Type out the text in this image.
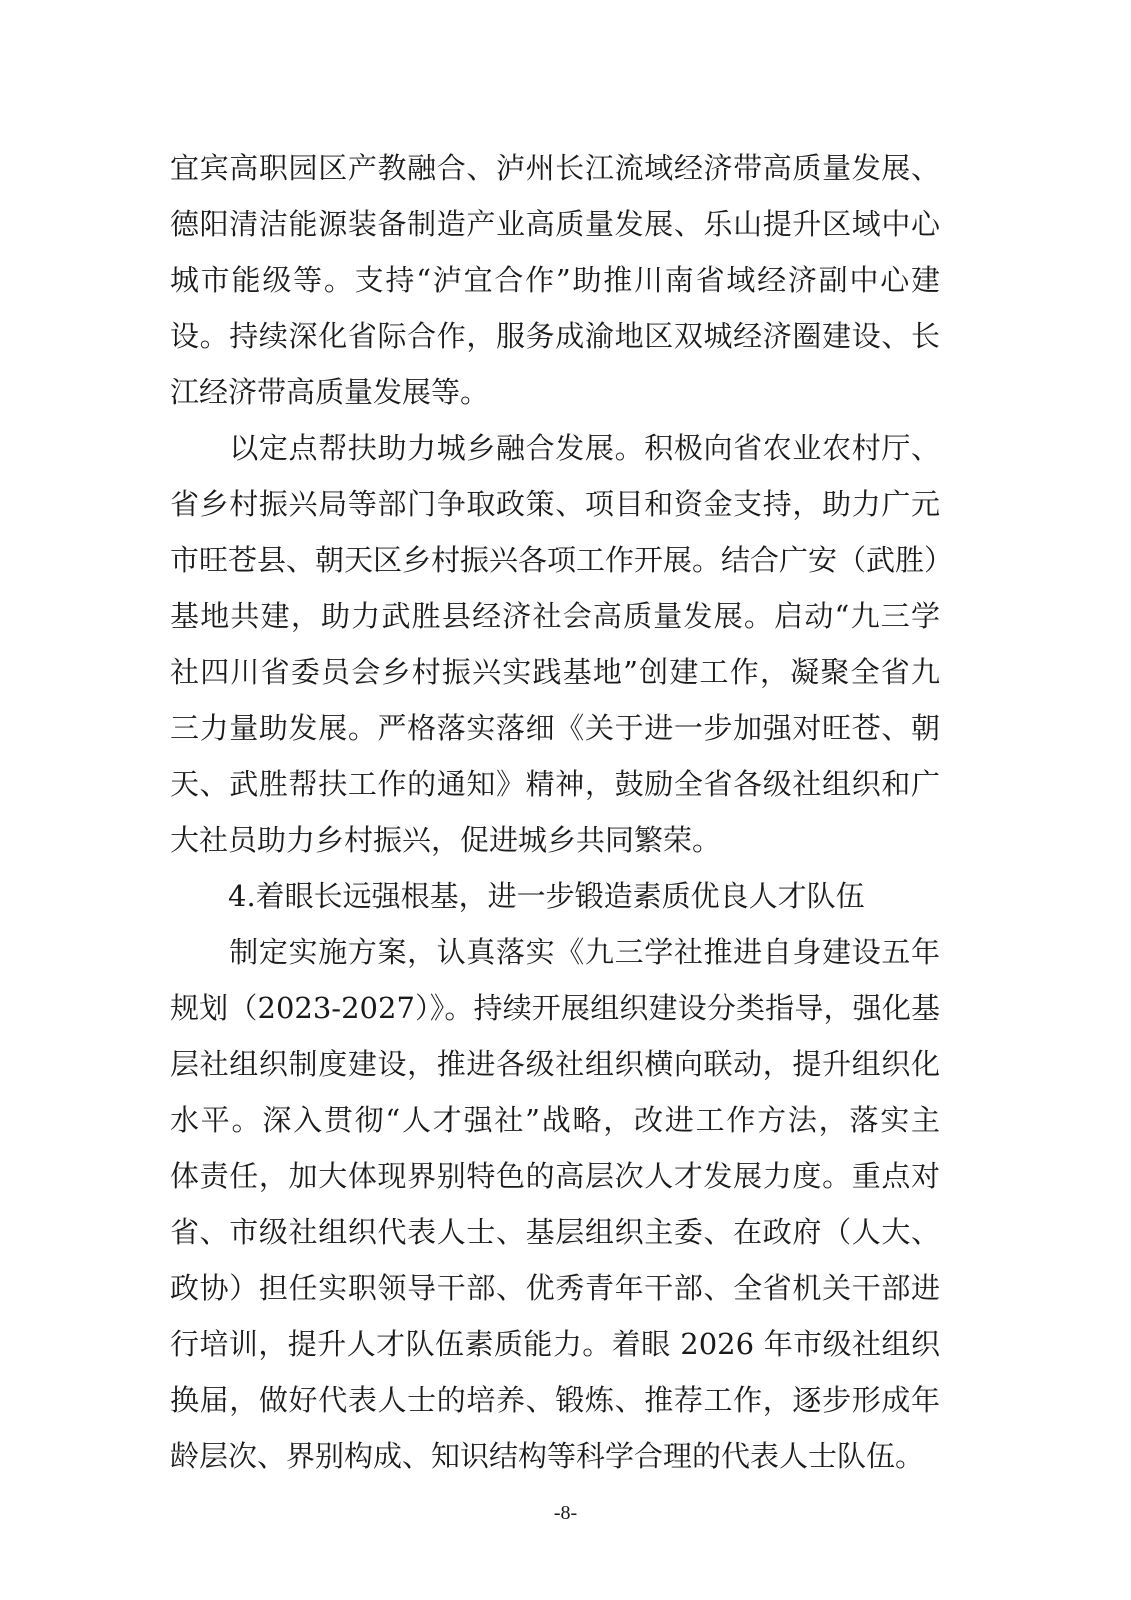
宜宾高职园区产教融合、泸州长江流域经济带高质量发展、
德阳清洁能源装备制造产业高质量发展、乐山提升区域中心
城市能级等。支持“泸宜合作”助推川南省域经济副中心建
设。持续深化省际合作，服务成渝地区双城经济圈建设、长
江经济带高质量发展等。
　　以定点帮扶助力城乡融合发展。积极向省农业农村厅、
省乡村振兴局等部门争取政策、项目和资金支持，助力广元
市旺苍县、朝天区乡村振兴各项工作开展。结合广安（武胜）
基地共建，助力武胜县经济社会高质量发展。启动“九三学
社四川省委员会乡村振兴实践基地”创建工作，凝聚全省九
三力量助发展。严格落实落细《关于进一步加强对旺苍、朝
天、武胜帮扶工作的通知》精神，鼓励全省各级社组织和广
大社员助力乡村振兴，促进城乡共同繁荣。
　　4.着眼长远强根基，进一步锻造素质优良人才队伍
　　制定实施方案，认真落实《九三学社推进自身建设五年
规划（2023-2027）》。持续开展组织建设分类指导，强化基
层社组织制度建设，推进各级社组织横向联动，提升组织化
水平。深入贯彻“人才强社”战略，改进工作方法，落实主
体责任，加大体现界别特色的高层次人才发展力度。重点对
省、市级社组织代表人士、基层组织主委、在政府（人大、
政协）担任实职领导干部、优秀青年干部、全省机关干部进
行培训，提升人才队伍素质能力。着眼 2026 年市级社组织
换届，做好代表人士的培养、锻炼、推荐工作，逐步形成年
龄层次、界别构成、知识结构等科学合理的代表人士队伍。
-8-
